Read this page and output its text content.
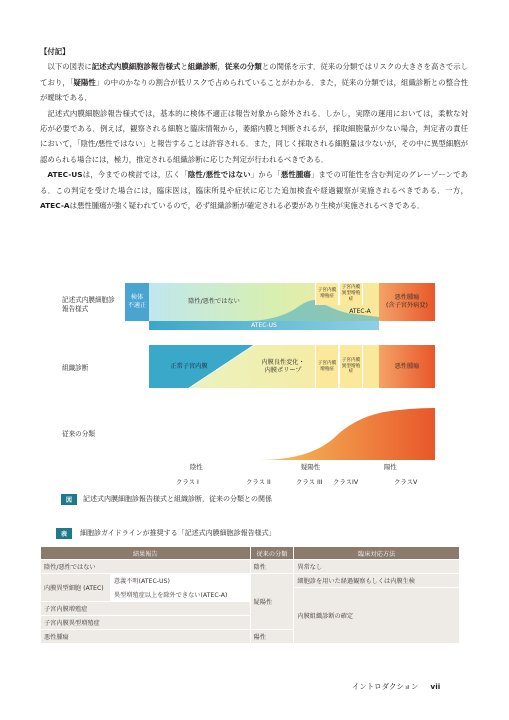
【付記】

以下の図表に記述式内膜細胞診報告様式と組織診断，従来の分類との関係を示す．従来の分類ではリスクの大きさを高さで示しており，「疑陽性」の中のかなりの割合が低リスクで占められていることがわかる．また，従来の分類では，組織診断との整合性が曖昧である．

記述式内膜細胞診報告様式では，基本的に検体不適正は報告対象から除外される．しかし，実際の運用においては，柔軟な対応が必要である．例えば，観察される細胞と臨床情報から，萎縮内膜と判断されるが，採取細胞量が少ない場合，判定者の責任において，「陰性/悪性ではない」と報告することは許容される．また，同じく採取される細胞量は少ないが，その中に異型細胞が認められる場合には，極力，推定される組織診断に応じた判定が行われるべきである．

ATEC-USは，今までの検討では，広く「陰性/悪性ではない」から「悪性腫瘍」までの可能性を含む判定のグレーゾーンである．この判定を受けた場合には，臨床医は，臨床所見や症状に応じた追加検査や経過観察が実施されるべきである．一方，ATEC-Aは悪性腫瘍が強く疑われているので，必ず組織診断が確定される必要があり生検が実施されるべきである．

記述式内膜細胞診
報告様式
検体
不適正
陰性/悪性ではない
子宮内膜
増殖症
子宮内膜
異型増殖症	悪性腫瘍
(含子宮外病変)
ATEC-A
ATEC-US
組織診断	正常子宮内膜
内膜良性変化・
内膜ポリープ
子宮内膜
増殖症
子宮内膜
異型増殖症
悪性腫瘍
従来の分類
陰性	疑陽性	陽性
クラス I	クラス II	クラス III クラスIV	クラスV
図	記述式内膜細胞診報告様式と組織診断，従来の分類との関係
表	細胞診ガイドラインが推奨する「記述式内膜細胞診報告様式」
結果報告		従来の分類	臨床対応方法
陰性/悪性ではない		陰性	異常なし
内膜異型細胞 (ATEC)	意義不明(ATEC-US)	疑陽性	細胞診を用いた経過観察もしくは内膜生検
	異型増殖症以上を除外できない(ATEC-A)		内膜組織診断の確定
子宮内膜増殖症			
子宮内膜異型増殖症			
悪性腫瘍		陽性	
イントロダクション vii
